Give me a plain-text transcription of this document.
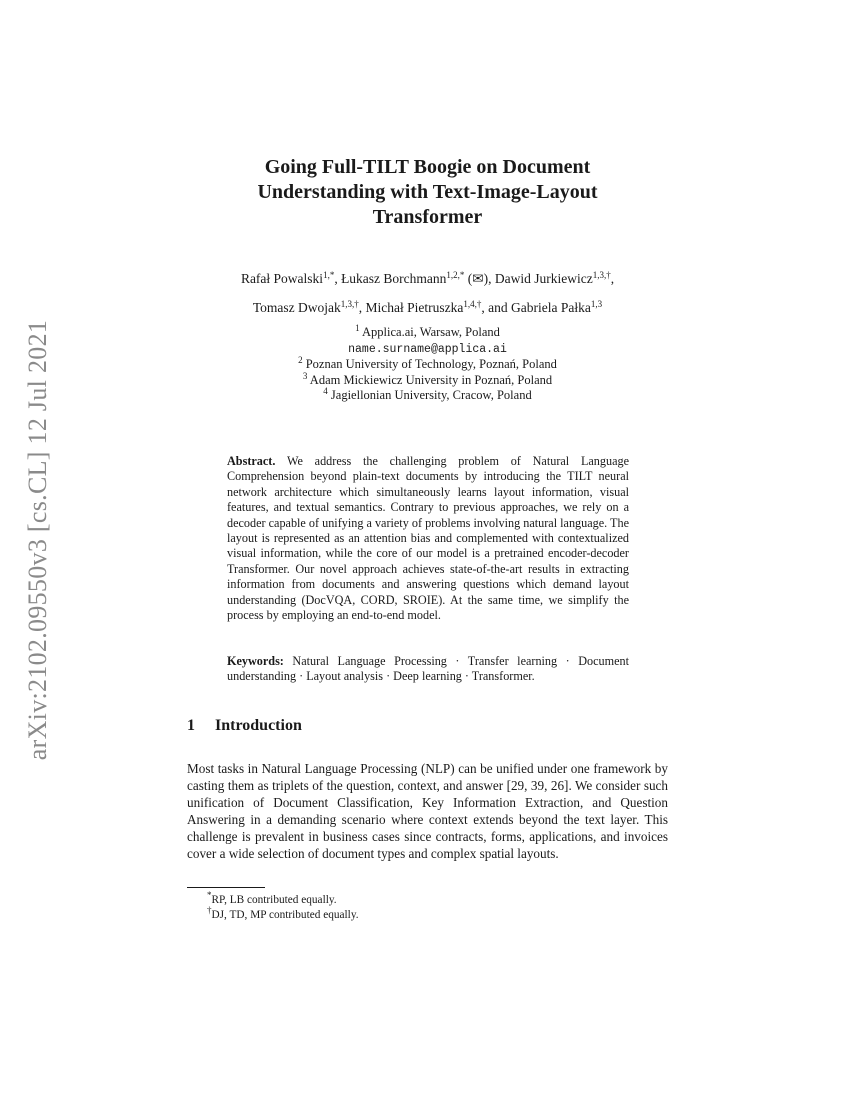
arXiv:2102.09550v3 [cs.CL] 12 Jul 2021
Going Full-TILT Boogie on Document
Understanding with Text-Image-Layout
Transformer
Rafał Powalski$^{1,*}$, Łukasz Borchmann$^{1,2,*}$ (✉), Dawid Jurkiewicz$^{1,3,\dagger}$,
Tomasz Dwojak$^{1,3,\dagger}$, Michał Pietruszka$^{1,4,\dagger}$, and Gabriela Pałka$^{1,3}$
$^1$ Applica.ai, Warsaw, Poland
name.surname@applica.ai
$^2$ Poznan University of Technology, Poznań, Poland
$^3$ Adam Mickiewicz University in Poznań, Poland
$^4$ Jagiellonian University, Cracow, Poland
Abstract. We address the challenging problem of Natural Language Comprehension beyond plain-text documents by introducing the TILT neural network architecture which simultaneously learns layout information, visual features, and textual semantics. Contrary to previous approaches, we rely on a decoder capable of unifying a variety of problems involving natural language. The layout is represented as an attention bias and complemented with contextualized visual information, while the core of our model is a pretrained encoder-decoder Transformer. Our novel approach achieves state-of-the-art results in extracting information from documents and answering questions which demand layout understanding (DocVQA, CORD, SROIE). At the same time, we simplify the process by employing an end-to-end model.
Keywords: Natural Language Processing · Transfer learning · Document understanding · Layout analysis · Deep learning · Transformer.
1 Introduction
Most tasks in Natural Language Processing (NLP) can be unified under one framework by casting them as triplets of the question, context, and answer [29, 39, 26]. We consider such unification of Document Classification, Key Information Extraction, and Question Answering in a demanding scenario where context extends beyond the text layer. This challenge is prevalent in business cases since contracts, forms, applications, and invoices cover a wide selection of document types and complex spatial layouts.
*RP, LB contributed equally.
†DJ, TD, MP contributed equally.
